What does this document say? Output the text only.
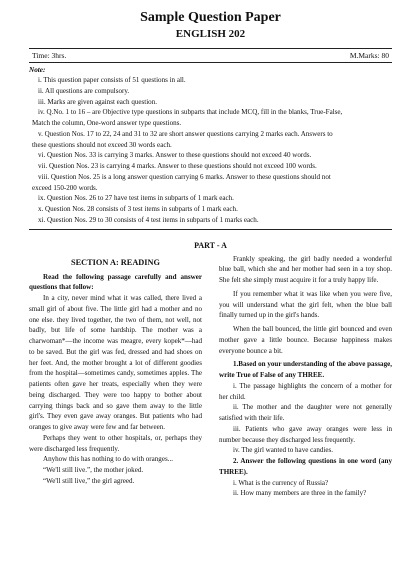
Sample Question Paper
ENGLISH 202
Time: 3hrs.	M.Marks: 80
Note:
i. This question paper consists of 51 questions in all.
ii. All questions are compulsory.
iii. Marks are given against each question.
iv. Q.No. 1 to 16 – are Objective type questions in subparts that include MCQ, fill in the blanks, True-False,
Match the column, One-word answer type questions.
v. Question Nos. 17 to 22, 24 and 31 to 32 are short answer questions carrying 2 marks each. Answers to
these questions should not exceed 30 words each.
vi. Question Nos. 33 is carrying 3 marks. Answer to these questions should not exceed 40 words.
vii. Question Nos. 23 is carrying 4 marks. Answer to these questions should not exceed 100 words.
viii. Question Nos. 25 is a long answer question carrying 6 marks. Answer to these questions should not
exceed 150-200 words.
ix. Question Nos. 26 to 27 have test items in subparts of 1 mark each.
x. Question Nos. 28 consists of 3 test items in subparts of 1 mark each.
xi. Question Nos. 29 to 30 consists of 4 test items in subparts of 1 marks each.
PART - A
SECTION A: READING

Read the following passage carefully and answer questions that follow:

In a city, never mind what it was called, there lived a small girl of about five. The little girl had a mother and no one else. they lived together, the two of them, not well, not badly, but life of some hardship. The mother was a charwoman*—the income was meagre, every kopek*—had to be saved. But the girl was fed, dressed and had shoes on her feet. And, the mother brought a lot of different goodies from the hospital—sometimes candy, sometimes apples. The patients often gave her treats, especially when they were being discharged. They were too happy to bother about carrying things back and so gave them away to the little girl's. They even gave away oranges. But patients who had oranges to give away were few and far between.

Perhaps they went to other hospitals, or, perhaps they were discharged less frequently.

Anyhow this has nothing to do with oranges...

“We'll still live.”, the mother joked.

“We'll still live,” the girl agreed.

Frankly speaking, the girl badly needed a wonderful blue ball, which she and her mother had seen in a toy shop. She felt she simply must acquire it for a truly happy life.

If you remember what it was like when you were five, you will understand what the girl felt, when the blue ball finally turned up in the girl's hands.

When the ball bounced, the little girl bounced and even mother gave a little bounce. Because happiness makes everyone bounce a bit.

1.Based on your understanding of the above passage, write True of False of any THREE.

i. The passage highlights the concern of a mother for her child.

ii. The mother and the daughter were not generally satisfied with their life.

iii. Patients who gave away oranges were less in number because they discharged less frequently.

iv. The girl wanted to have candies.

2. Answer the following questions in one word (any THREE).

i. What is the currency of Russia?

ii. How many members are three in the family?
